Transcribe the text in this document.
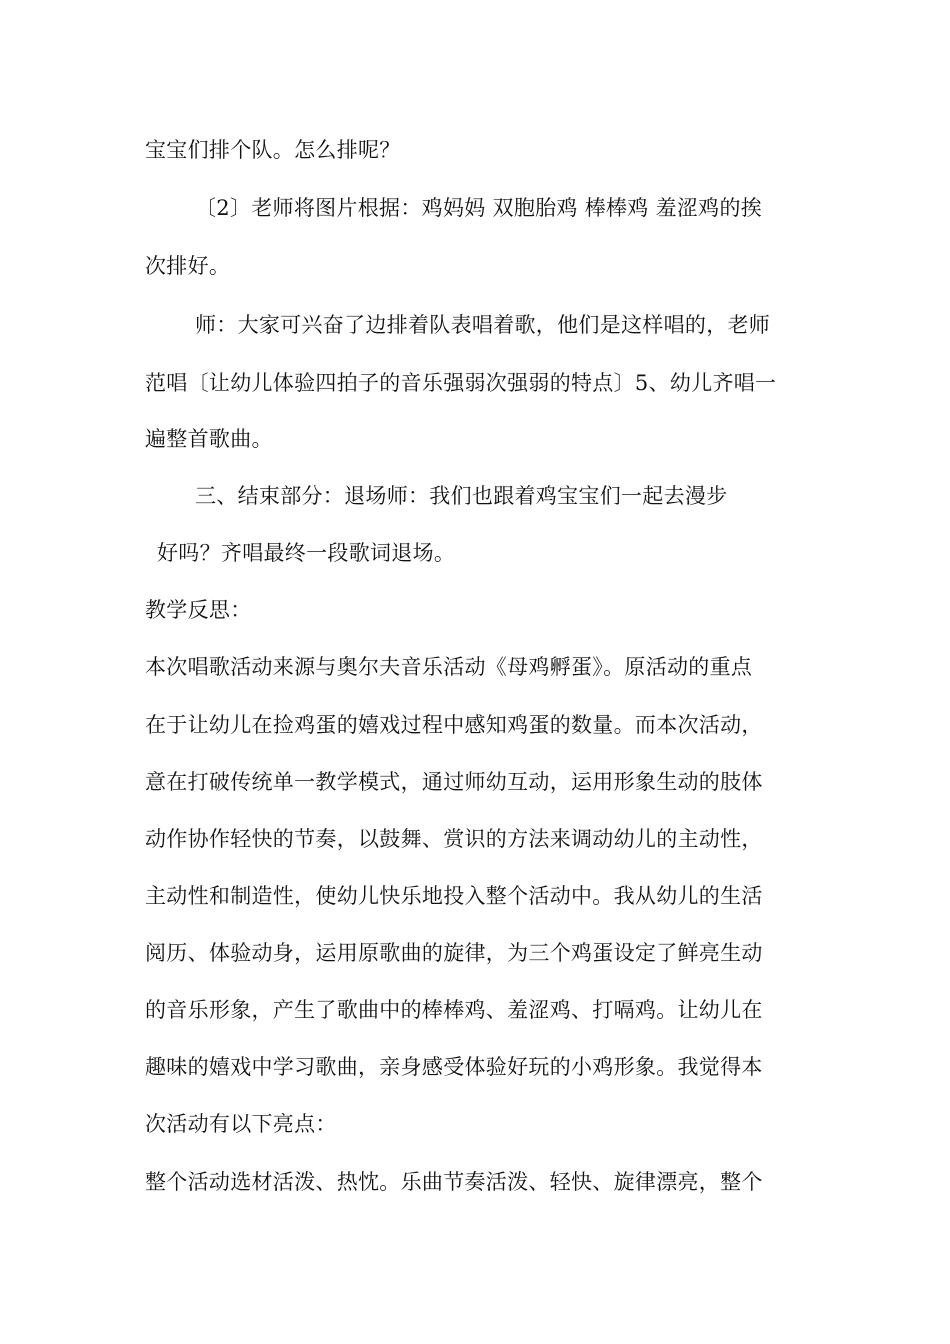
宝宝们排个队。怎么排呢？
〔2〕老师将图片根据：鸡妈妈 双胞胎鸡 棒棒鸡 羞涩鸡的挨
次排好。
师：大家可兴奋了边排着队表唱着歌，他们是这样唱的，老师
范唱〔让幼儿体验四拍子的音乐强弱次强弱的特点〕5、幼儿齐唱一
遍整首歌曲。
三、结束部分：退场师：我们也跟着鸡宝宝们一起去漫步
好吗？齐唱最终一段歌词退场。
教学反思：
本次唱歌活动来源与奥尔夫音乐活动《母鸡孵蛋》。原活动的重点
在于让幼儿在捡鸡蛋的嬉戏过程中感知鸡蛋的数量。而本次活动，
意在打破传统单一教学模式，通过师幼互动，运用形象生动的肢体
动作协作轻快的节奏，以鼓舞、赏识的方法来调动幼儿的主动性，
主动性和制造性，使幼儿快乐地投入整个活动中。我从幼儿的生活
阅历、体验动身，运用原歌曲的旋律，为三个鸡蛋设定了鲜亮生动
的音乐形象，产生了歌曲中的棒棒鸡、羞涩鸡、打嗝鸡。让幼儿在
趣味的嬉戏中学习歌曲，亲身感受体验好玩的小鸡形象。我觉得本
次活动有以下亮点：
整个活动选材活泼、热忱。乐曲节奏活泼、轻快、旋律漂亮，整个
